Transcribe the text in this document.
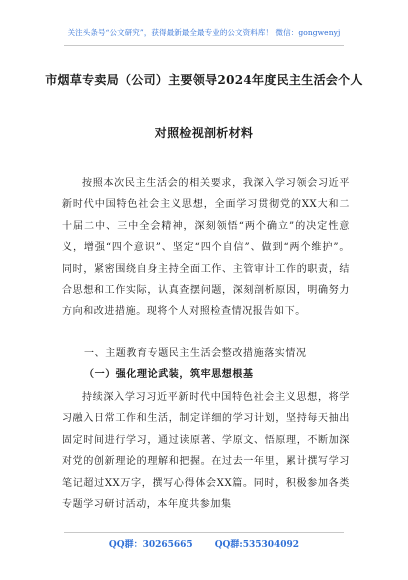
关注头条号“公文研究”，获得最新最全最专业的公文资料库！ 微信：gongwenyj
市烟草专卖局（公司）主要领导2024年度民主生活会个人
对照检视剖析材料
按照本次民主生活会的相关要求，我深入学习领会习近平新时代中国特色社会主义思想，全面学习贯彻党的XX大和二十届二中、三中全会精神，深刻领悟“两个确立”的决定性意义，增强“四个意识”、坚定“四个自信”、做到“两个维护”。同时，紧密围绕自身主持全面工作、主管审计工作的职责，结合思想和工作实际，认真查摆问题，深刻剖析原因，明确努力方向和改进措施。现将个人对照检查情况报告如下。
一、主题教育专题民主生活会整改措施落实情况
（一）强化理论武装，筑牢思想根基
持续深入学习习近平新时代中国特色社会主义思想，将学习融入日常工作和生活，制定详细的学习计划，坚持每天抽出固定时间进行学习，通过读原著、学原文、悟原理，不断加深对党的创新理论的理解和把握。在过去一年里，累计撰写学习笔记超过XX万字，撰写心得体会XX篇。同时，积极参加各类专题学习研讨活动，本年度共参加集
QQ群：30265665 QQ群:535304092
